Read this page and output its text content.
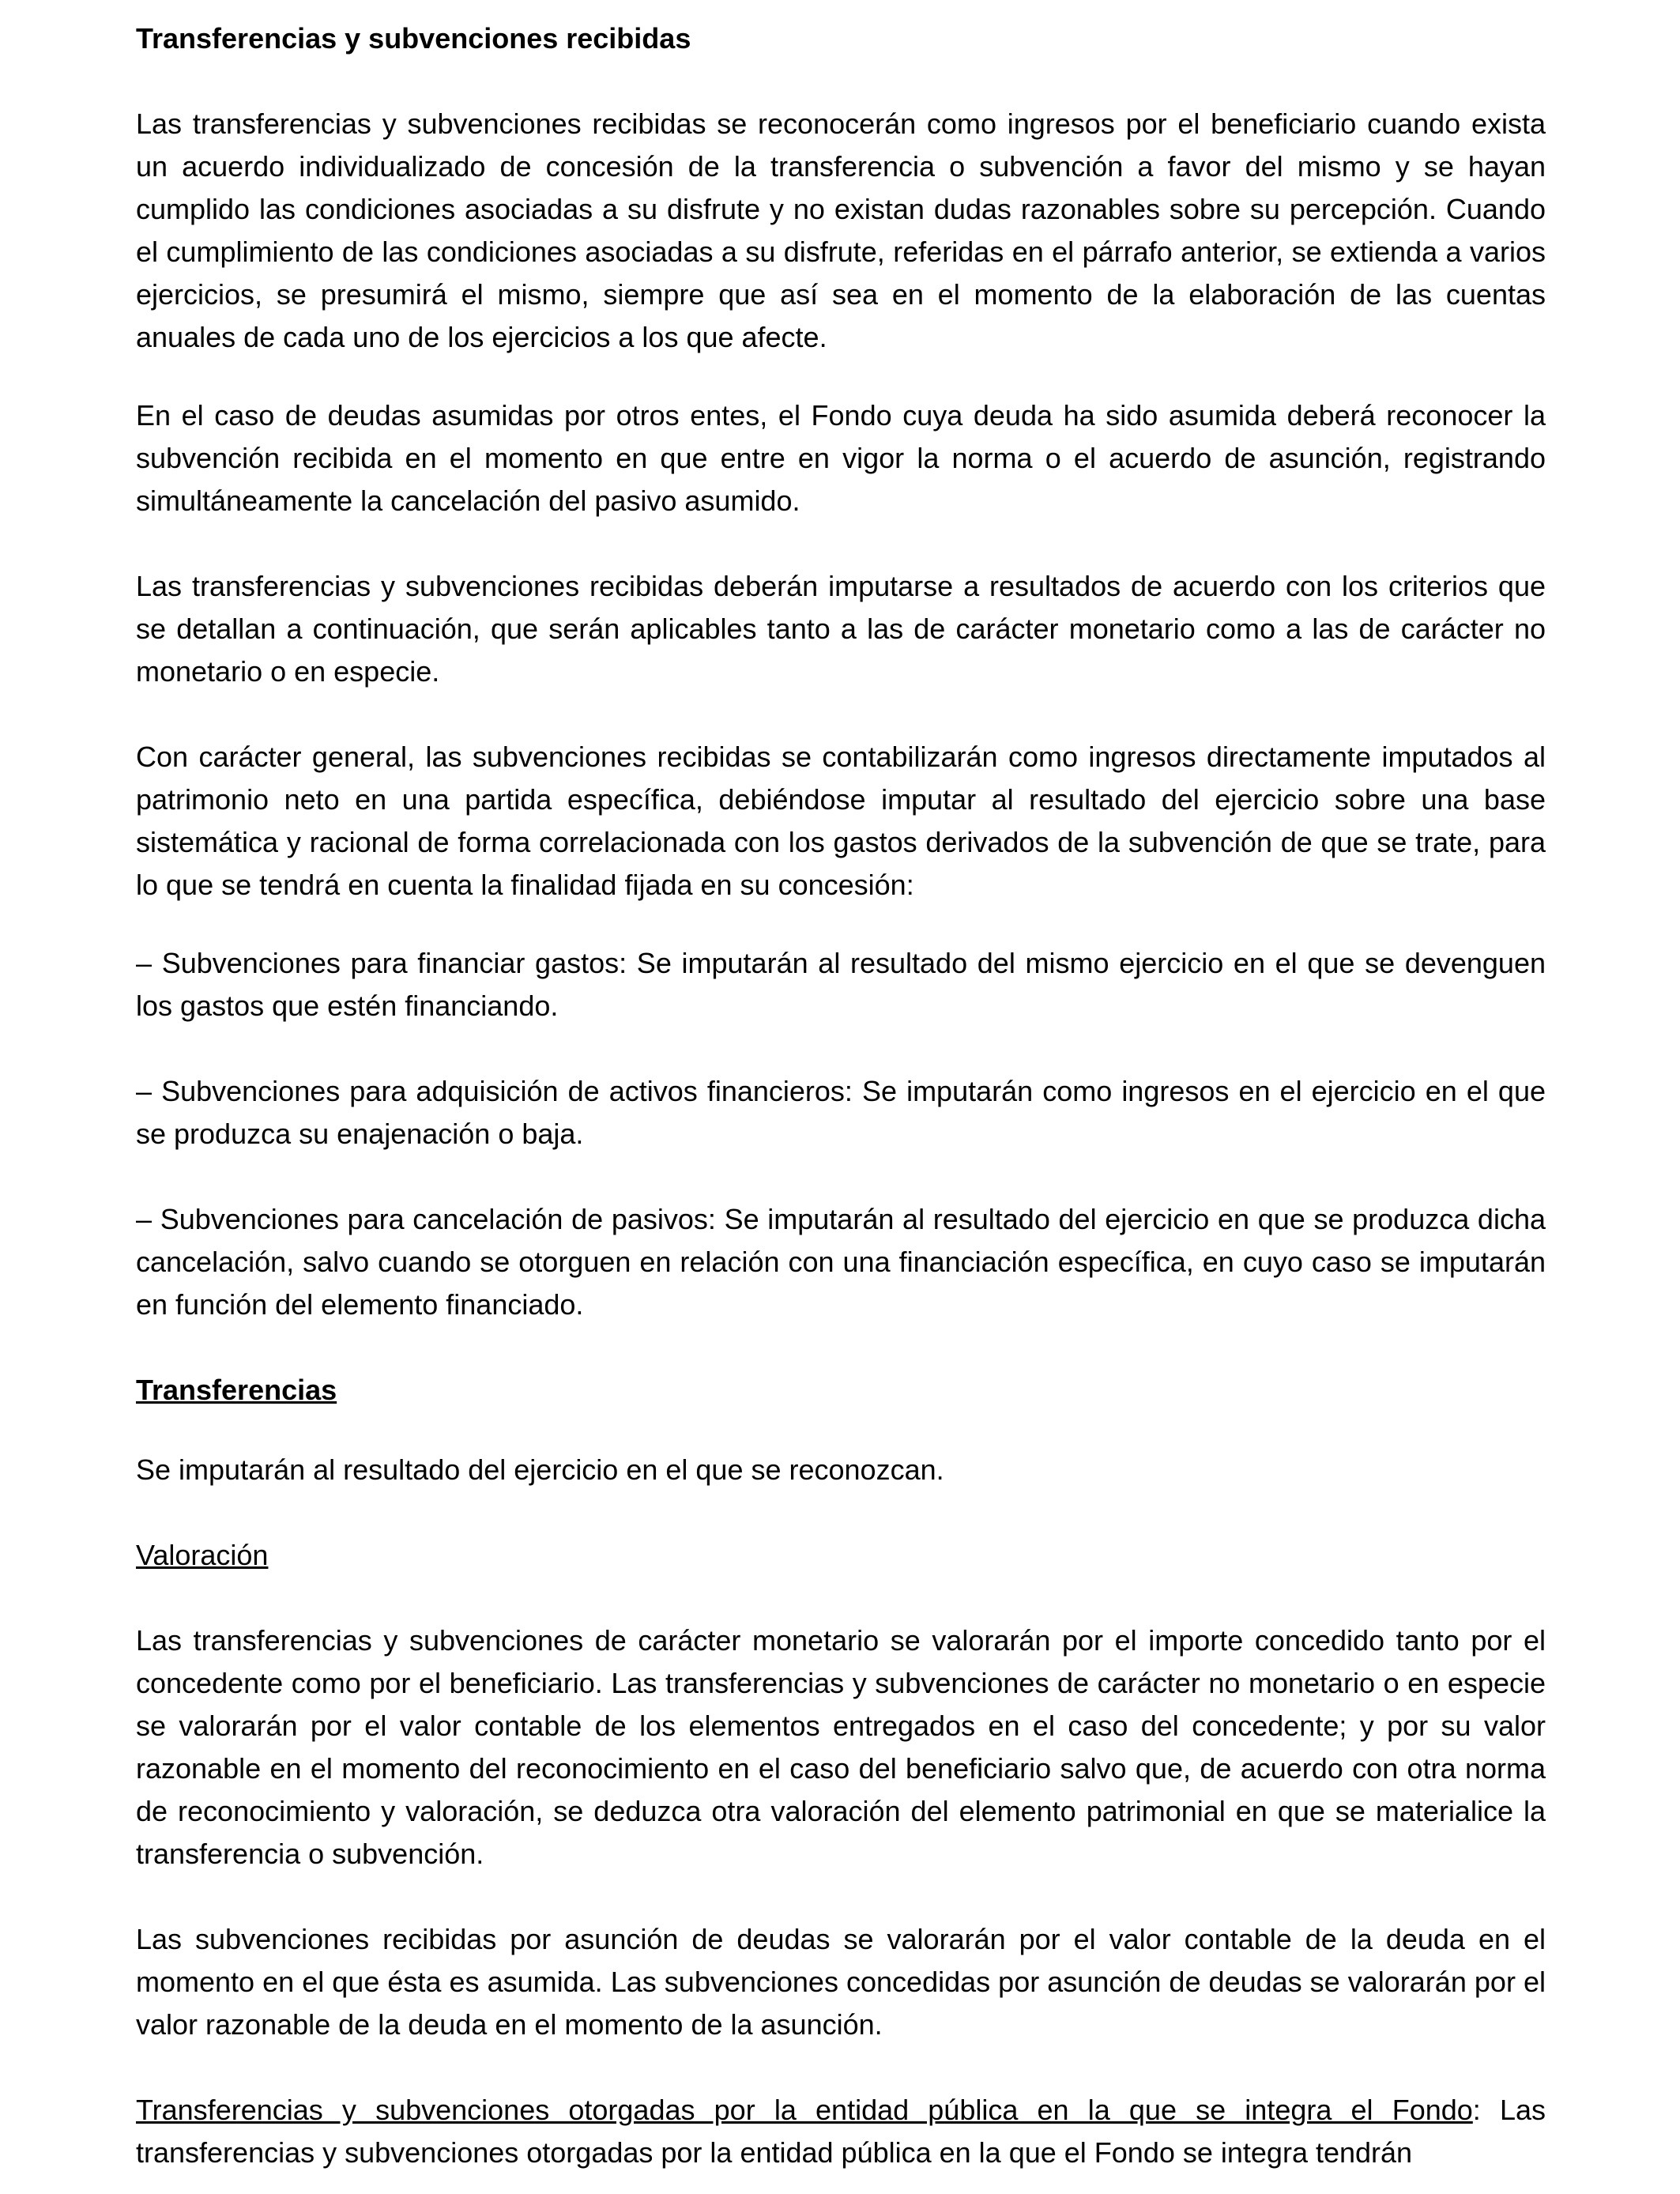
Transferencias y subvenciones recibidas

Las transferencias y subvenciones recibidas se reconocerán como ingresos por el beneficiario cuando exista un acuerdo individualizado de concesión de la transferencia o subvención a favor del mismo y se hayan cumplido las condiciones asociadas a su disfrute y no existan dudas razonables sobre su percepción. Cuando el cumplimiento de las condiciones asociadas a su disfrute, referidas en el párrafo anterior, se extienda a varios ejercicios, se presumirá el mismo, siempre que así sea en el momento de la elaboración de las cuentas anuales de cada uno de los ejercicios a los que afecte.

En el caso de deudas asumidas por otros entes, el Fondo cuya deuda ha sido asumida deberá reconocer la subvención recibida en el momento en que entre en vigor la norma o el acuerdo de asunción, registrando simultáneamente la cancelación del pasivo asumido.

Las transferencias y subvenciones recibidas deberán imputarse a resultados de acuerdo con los criterios que se detallan a continuación, que serán aplicables tanto a las de carácter monetario como a las de carácter no monetario o en especie.

Con carácter general, las subvenciones recibidas se contabilizarán como ingresos directamente imputados al patrimonio neto en una partida específica, debiéndose imputar al resultado del ejercicio sobre una base sistemática y racional de forma correlacionada con los gastos derivados de la subvención de que se trate, para lo que se tendrá en cuenta la finalidad fijada en su concesión:

– Subvenciones para financiar gastos: Se imputarán al resultado del mismo ejercicio en el que se devenguen los gastos que estén financiando.

– Subvenciones para adquisición de activos financieros: Se imputarán como ingresos en el ejercicio en el que se produzca su enajenación o baja.

– Subvenciones para cancelación de pasivos: Se imputarán al resultado del ejercicio en que se produzca dicha cancelación, salvo cuando se otorguen en relación con una financiación específica, en cuyo caso se imputarán en función del elemento financiado.

Transferencias

Se imputarán al resultado del ejercicio en el que se reconozcan.

Valoración

Las transferencias y subvenciones de carácter monetario se valorarán por el importe concedido tanto por el concedente como por el beneficiario. Las transferencias y subvenciones de carácter no monetario o en especie se valorarán por el valor contable de los elementos entregados en el caso del concedente; y por su valor razonable en el momento del reconocimiento en el caso del beneficiario salvo que, de acuerdo con otra norma de reconocimiento y valoración, se deduzca otra valoración del elemento patrimonial en que se materialice la transferencia o subvención.

Las subvenciones recibidas por asunción de deudas se valorarán por el valor contable de la deuda en el momento en el que ésta es asumida. Las subvenciones concedidas por asunción de deudas se valorarán por el valor razonable de la deuda en el momento de la asunción.

Transferencias y subvenciones otorgadas por la entidad pública en la que se integra el Fondo: Las transferencias y subvenciones otorgadas por la entidad pública en la que el Fondo se integra tendrán
